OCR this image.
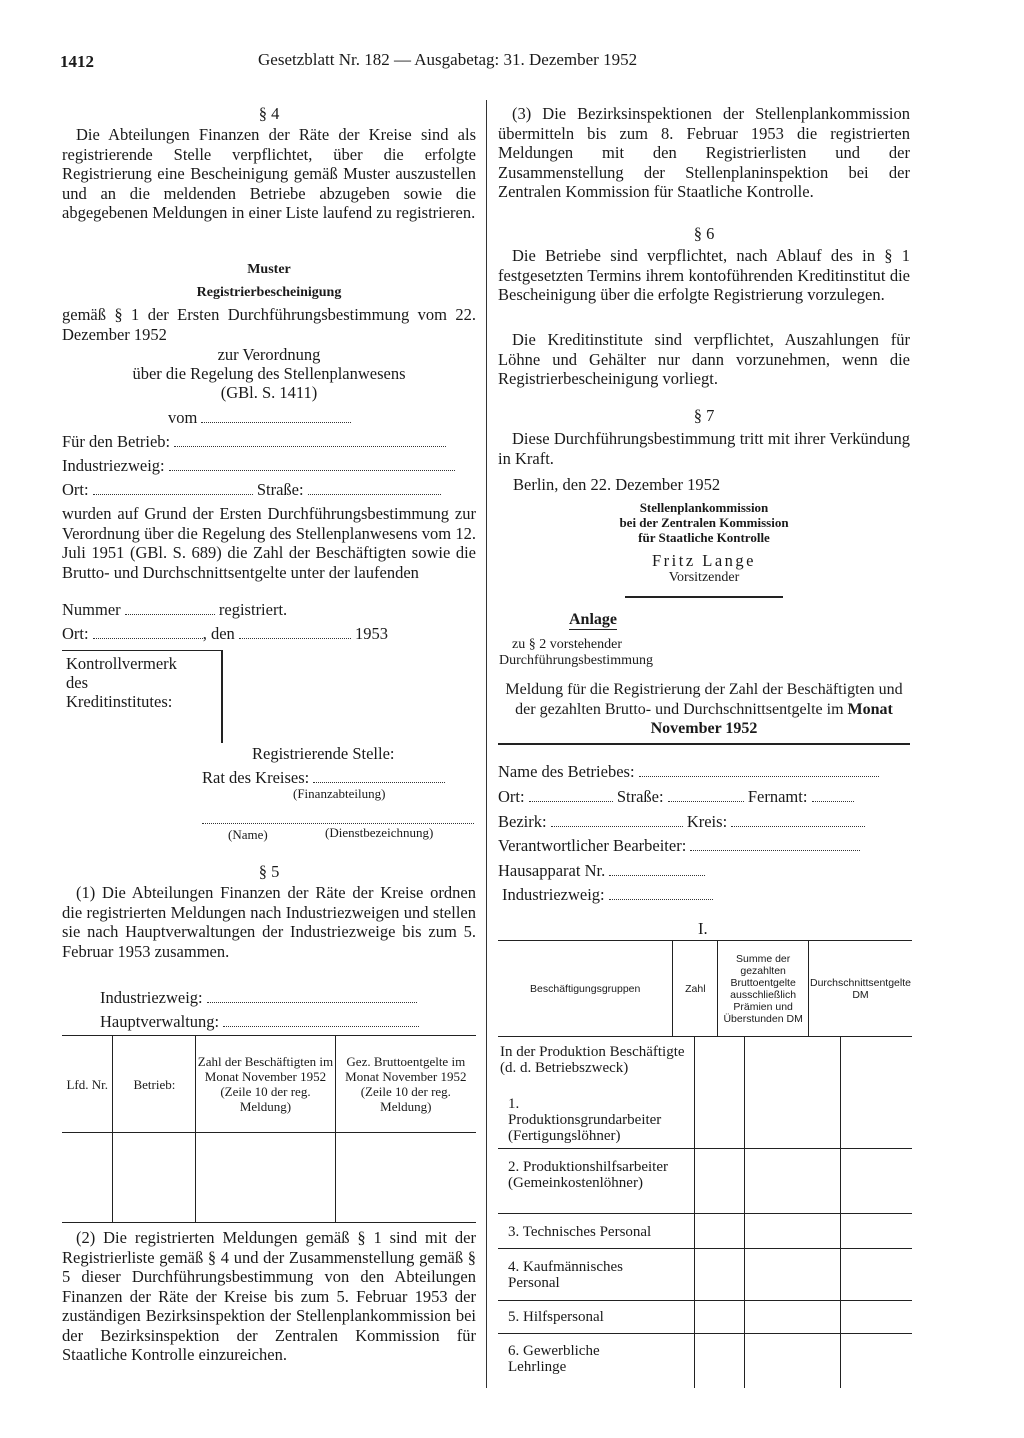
1412	Gesetzblatt Nr. 182 — Ausgabetag: 31. Dezember 1952
§ 4

Die Abteilungen Finanzen der Räte der Kreise sind als registrierende Stelle verpflichtet, über die erfolgte Registrierung eine Bescheinigung gemäß Muster auszustellen und an die meldenden Betriebe abzugeben sowie die abgegebenen Meldungen in einer Liste laufend zu registrieren.

Muster
Registrierbescheinigung

gemäß § 1 der Ersten Durchführungsbestimmung vom 22. Dezember 1952

zur Verordnung
über die Regelung des Stellenplanwesens
(GBl. S. 1411)
vom
Für den Betrieb:
Industriezweig:
Ort:	Straße:

wurden auf Grund der Ersten Durchführungsbestimmung zur Verordnung über die Regelung des Stellenplanwesens vom 12. Juli 1951 (GBl. S. 689) die Zahl der Beschäftigten sowie die Brutto- und Durchschnittsentgelte unter der laufenden

Nummer	registriert.
Ort:	, den	1953
Kontrollvermerk
des
Kreditinstitutes:
Registrierende Stelle:
Rat des Kreises:
(Finanzabteilung)
(Name)	(Dienstbezeichnung)
§ 5

(1) Die Abteilungen Finanzen der Räte der Kreise ordnen die registrierten Meldungen nach Industriezweigen und stellen sie nach Hauptverwaltungen der Industriezweige bis zum 5. Februar 1953 zusammen.

Industriezweig:
Hauptverwaltung:
Lfd. Nr.	Betrieb:	Zahl der Beschäftigten im Monat November 1952 (Zeile 10 der reg. Meldung)	Gez. Bruttoentgelte im Monat November 1952 (Zeile 10 der reg. Meldung)

(2) Die registrierten Meldungen gemäß § 1 sind mit der Registrierliste gemäß § 4 und der Zusammenstellung gemäß § 5 dieser Durchführungsbestimmung von den Abteilungen Finanzen der Räte der Kreise bis zum 5. Februar 1953 der zuständigen Bezirksinspektion der Stellenplankommission bei der Bezirksinspektion der Zentralen Kommission für Staatliche Kontrolle einzureichen.

(3) Die Bezirksinspektionen der Stellenplankommission übermitteln bis zum 8. Februar 1953 die registrierten Meldungen mit den Registrierlisten und der Zusammenstellung der Stellenplaninspektion bei der Zentralen Kommission für Staatliche Kontrolle.

§ 6

Die Betriebe sind verpflichtet, nach Ablauf des in § 1 festgesetzten Termins ihrem kontoführenden Kreditinstitut die Bescheinigung über die erfolgte Registrierung vorzulegen.

Die Kreditinstitute sind verpflichtet, Auszahlungen für Löhne und Gehälter nur dann vorzunehmen, wenn die Registrierbescheinigung vorliegt.

§ 7

Diese Durchführungsbestimmung tritt mit ihrer Verkündung in Kraft.

Berlin, den 22. Dezember 1952
Stellenplankommission
bei der Zentralen Kommission
für Staatliche Kontrolle
Fritz Lange
Vorsitzender
Anlage
zu § 2 vorstehender
Durchführungsbestimmung

Meldung für die Registrierung der Zahl der Beschäftigten und der gezahlten Brutto- und Durchschnittsentgelte im Monat November 1952

Name des Betriebes:
Ort:	Straße:	Fernamt:
Bezirk:	Kreis:
Verantwortlicher Bearbeiter:
Hausapparat Nr.
Industriezweig:
I.
Beschäftigungsgruppen	Zahl	Summe der gezahlten Bruttoentgelte ausschließlich Prämien und Überstunden DM	Durchschnittsentgelte DM
In der Produktion Beschäftigte (d. d. Betriebszweck)
1. Produktionsgrundarbeiter (Fertigungslöhner)
2. Produktionshilfsarbeiter (Gemeinkostenlöhner)
3. Technisches Personal
4. Kaufmännisches Personal
5. Hilfspersonal
6. Gewerbliche Lehrlinge
